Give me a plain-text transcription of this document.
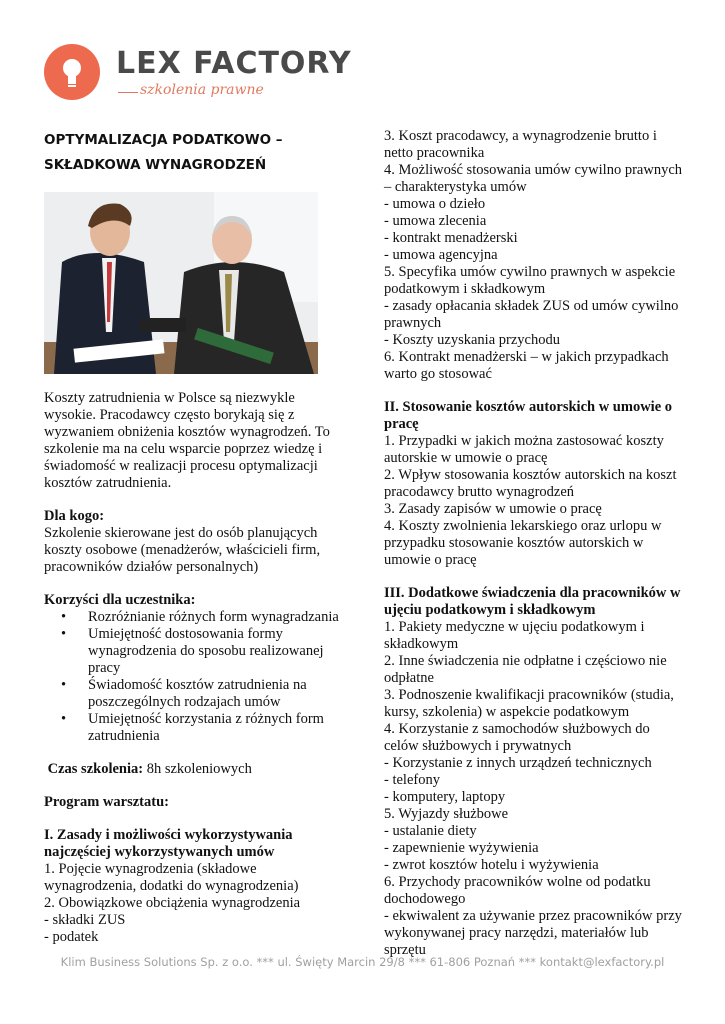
LEX FACTORY
szkolenia prawne
OPTYMALIZACJA PODATKOWO –
SKŁADKOWA WYNAGRODZEŃ

Koszty zatrudnienia w Polsce są niezwykle wysokie. Pracodawcy często borykają się z wyzwaniem obniżenia kosztów wynagrodzeń. To szkolenie ma na celu wsparcie poprzez wiedzę i świadomość w realizacji procesu optymalizacji kosztów zatrudnienia.

Dla kogo:

Szkolenie skierowane jest do osób planujących koszty osobowe (menadżerów, właścicieli firm, pracowników działów personalnych)

Korzyści dla uczestnika:
• Rozróżnianie różnych form wynagradzania
• Umiejętność dostosowania formy wynagrodzenia do sposobu realizowanej pracy
• Świadomość kosztów zatrudnienia na poszczególnych rodzajach umów
• Umiejętność korzystania z różnych form zatrudnienia
Czas szkolenia: 8h szkoleniowych
Program warsztatu:
I. Zasady i możliwości wykorzystywania najczęściej wykorzystywanych umów
1. Pojęcie wynagrodzenia (składowe wynagrodzenia, dodatki do wynagrodzenia)
2. Obowiązkowe obciążenia wynagrodzenia
- składki ZUS
- podatek
3. Koszt pracodawcy, a wynagrodzenie brutto i netto pracownika
4. Możliwość stosowania umów cywilno prawnych – charakterystyka umów
- umowa o dzieło
- umowa zlecenia
- kontrakt menadżerski
- umowa agencyjna
5. Specyfika umów cywilno prawnych w aspekcie podatkowym i składkowym
- zasady opłacania składek ZUS od umów cywilno prawnych
- Koszty uzyskania przychodu
6. Kontrakt menadżerski – w jakich przypadkach warto go stosować
II. Stosowanie kosztów autorskich w umowie o pracę
1. Przypadki w jakich można zastosować koszty autorskie w umowie o pracę
2. Wpływ stosowania kosztów autorskich na koszt pracodawcy brutto wynagrodzeń
3. Zasady zapisów w umowie o pracę
4. Koszty zwolnienia lekarskiego oraz urlopu w przypadku stosowanie kosztów autorskich w umowie o pracę
III. Dodatkowe świadczenia dla pracowników w ujęciu podatkowym i składkowym
1. Pakiety medyczne w ujęciu podatkowym i składkowym
2. Inne świadczenia nie odpłatne i częściowo nie odpłatne
3. Podnoszenie kwalifikacji pracowników (studia, kursy, szkolenia) w aspekcie podatkowym
4. Korzystanie z samochodów służbowych do celów służbowych i prywatnych
- Korzystanie z innych urządzeń technicznych
- telefony
- komputery, laptopy
5. Wyjazdy służbowe
- ustalanie diety
- zapewnienie wyżywienia
- zwrot kosztów hotelu i wyżywienia
6. Przychody pracowników wolne od podatku dochodowego
- ekwiwalent za używanie przez pracowników przy wykonywanej pracy narzędzi, materiałów lub sprzętu
Klim Business Solutions Sp. z o.o. *** ul. Święty Marcin 29/8 *** 61-806 Poznań *** kontakt@lexfactory.pl
